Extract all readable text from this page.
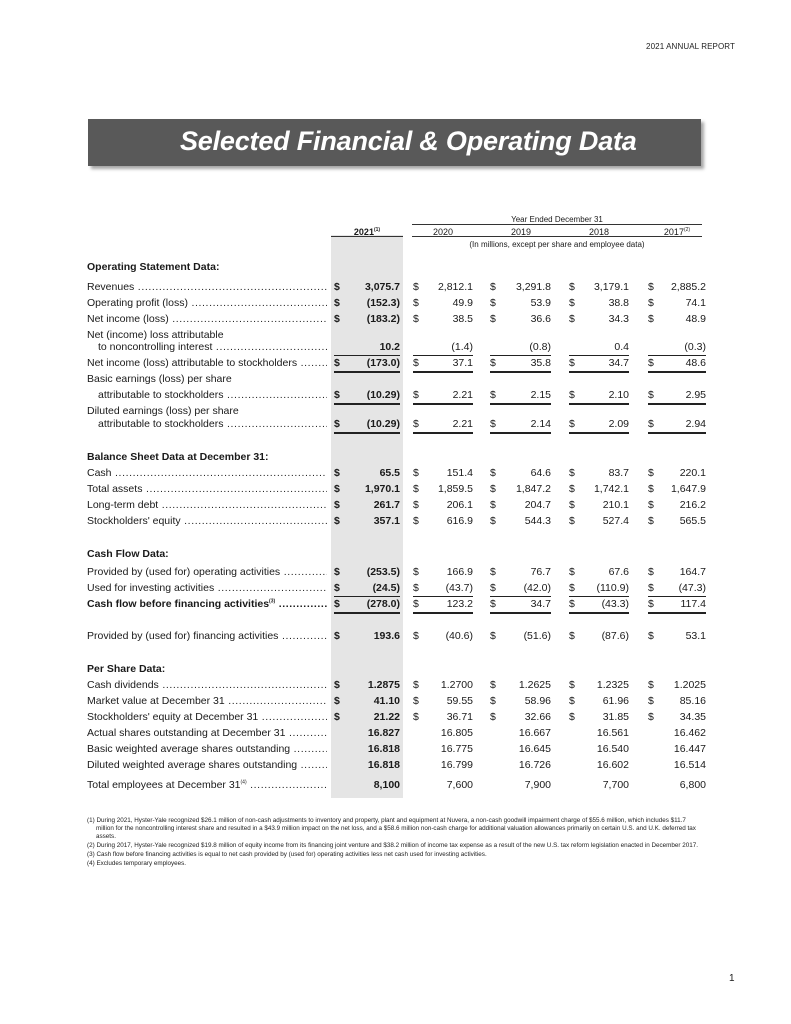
2021 ANNUAL REPORT
Selected Financial & Operating Data
Year Ended December 31
2021$^{(1)}$	2020	2019	2018	2017$^{(2)}$
(In millions, except per share and employee data)
Operating Statement Data:
Revenues .....	$ 3,075.7 $ 2,812.1 $ 3,291.8 $ 3,179.1 $ 2,885.2
Operating profit (loss) .....	$	(152.3) $	49.9 $	53.9 $	38.8 $	74.1
Net income (loss) .....	$	(183.2) $	38.5 $	36.6 $	34.3 $	48.9
Net (income) loss attributable
to noncontrolling interest .....	10.2	(1.4)	(0.8)	0.4	(0.3)
Net income (loss) attributable to stockholders .....	$	(173.0) $	37.1 $	35.8 $	34.7 $	48.6
Basic earnings (loss) per share
attributable to stockholders .....	$	(10.29) $	2.21 $	2.15 $	2.10 $	2.95
Diluted earnings (loss) per share
attributable to stockholders .....	$	(10.29) $	2.21 $	2.14 $	2.09 $	2.94
Balance Sheet Data at December 31:
Cash .....	$	65.5 $	151.4 $	64.6 $	83.7 $ 220.1
Total assets .....	$ 1,970.1 $ 1,859.5 $ 1,847.2 $ 1,742.1 $ 1,647.9
Long-term debt .....	$	261.7 $	206.1 $	204.7 $	210.1 $ 216.2
Stockholders' equity .....	$	357.1 $	616.9 $	544.3 $	527.4 $ 565.5
Cash Flow Data:
Provided by (used for) operating activities .....	$	(253.5) $	166.9 $	76.7 $	67.6 $ 164.7
Used for investing activities .....	$	(24.5) $	(43.7) $	(42.0) $ (110.9) $ (47.3)
Cash flow before financing activities$^{(3)}$ .....	$	(278.0) $	123.2 $	34.7 $	(43.3) $	117.4
Provided by (used for) financing activities .....	$	193.6 $	(40.6) $	(51.6) $	(87.6) $	53.1
Per Share Data:
Cash dividends .....	$	1.2875 $ 1.2700 $ 1.2625 $ 1.2325 $ 1.2025
Market value at December 31 .....	$	41.10 $	59.55 $	58.96 $	61.96 $ 85.16
Stockholders' equity at December 31 .....	$	21.22 $	36.71 $	32.66 $	31.85 $ 34.35
Actual shares outstanding at December 31 .....	16.827	16.805	16.667	16.561	16.462
Basic weighted average shares outstanding .....	16.818	16.775	16.645	16.540	16.447
Diluted weighted average shares outstanding .....	16.818	16.799	16.726	16.602	16.514
Total employees at December 31$^{(4)}$ .....	8,100	7,600	7,900	7,700	6,800
(1) During 2021, Hyster-Yale recognized $26.1 million of non-cash adjustments to inventory and property, plant and equipment at Nuvera, a non-cash goodwill impairment charge of $55.6 million, which includes $11.7 million for the noncontrolling interest share and resulted in a $43.9 million impact on the net loss, and a $58.6 million non-cash charge for additional valuation allowances primarily on certain U.S. and U.K. deferred tax assets.
(2) During 2017, Hyster-Yale recognized $19.8 million of equity income from its financing joint venture and $38.2 million of income tax expense as a result of the new U.S. tax reform legislation enacted in December 2017.
(3) Cash flow before financing activities is equal to net cash provided by (used for) operating activities less net cash used for investing activities.
(4) Excludes temporary employees.
1
